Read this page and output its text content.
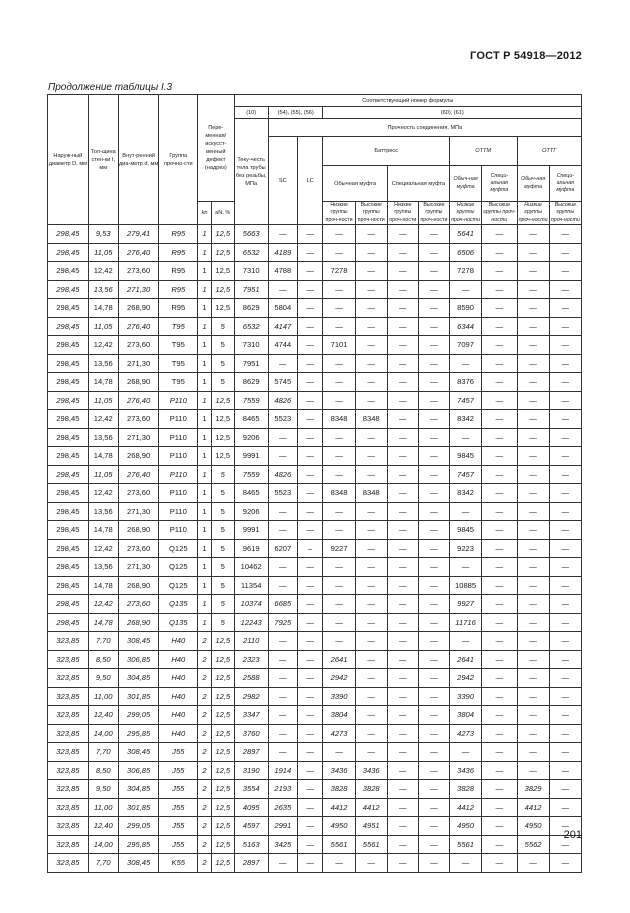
ГОСТ Р 54918—2012
Продолжение таблицы I.3
Наруж-ный диаметр D, мм	Тол-щина стен-ки t, мм	Внут-ренний диа-метр d, мм	Группа прочно-сти	Пере-менная/ искусст-венный дефект (надрез)		Соответствующий номер формулы										
						(10)	(54), (55), (56)		(60), (61)							
						Теку-честь тела трубы без резьбы, МПа	Прочность соединения, МПа									
							SC	LC	Баттресс				ОТТМ		ОТТГ	
									Обычная муфта		Специальная муфта		Обыч-ная муфта	Специ-альная муфта	Обыч-ная муфта	Специ-альная муфта
				kn	aN, %				Низкие группы проч-ности	Высокие группы проч-ности	Низкие группы проч-ности	Высокие группы проч-ности	Низкие группы проч-ности	Высокие группы проч-ности	Низкие группы проч-ности	Высокие группы проч-ности
298,45	9,53	279,41	R95	1	12,5	5663	—	—	—	—	—	—	5641	—	—	—
298,45	11,05	276,40	R95	1	12,5	6532	4189	—	—	—	—	—	6506	—	—	—
298,45	12,42	273,60	R95	1	12,5	7310	4788	—	7278	—	—	—	7278	—	—	—
298,45	13,56	271,30	R95	1	12,5	7951	—	—	—	—	—	—	—	—	—	—
298,45	14,78	268,90	R95	1	12,5	8629	5804	—	—	—	—	—	8590	—	—	—
298,45	11,05	276,40	T95	1	5	6532	4147	—	—	—	—	—	6344	—	—	—
298,45	12,42	273,60	T95	1	5	7310	4744	—	7101	—	—	—	7097	—	—	—
298,45	13,56	271,30	T95	1	5	7951	—	—	—	—	—	—	—	—	—	—
298,45	14,78	268,90	T95	1	5	8629	5745	—	—	—	—	—	8376	—	—	—
298,45	11,05	276,40	P110	1	12,5	7559	4826	—	—	—	—	—	7457	—	—	—
298,45	12,42	273,60	P110	1	12,5	8465	5523	—	8348	8348	—	—	8342	—	—	—
298,45	13,56	271,30	P110	1	12,5	9206	—	—	—	—	—	—	—	—	—	—
298,45	14,78	268,90	P110	1	12,5	9991	—	—	—	—	—	—	9845	—	—	—
298,45	11,05	276,40	P110	1	5	7559	4826	—	—	—	—	—	7457	—	—	—
298,45	12,42	273,60	P110	1	5	8465	5523	—	8348	8348	—	—	8342	—	—	—
298,45	13,56	271,30	P110	1	5	9206	—	—	—	—	—	—	—	—	—	—
298,45	14,78	268,90	P110	1	5	9991	—	—	—	—	—	—	9845	—	—	—
298,45	12,42	273,60	Q125	1	5	9619	6207	–	9227	—	—	—	9223	—	—	—
298,45	13,56	271,30	Q125	1	5	10462	—	—	—	—	—	—	—	—	—	—
298,45	14,78	268,90	Q125	1	5	11354	—	—	—	—	—	—	10885	—	—	—
298,45	12,42	273,60	Q135	1	5	10374	6685	—	—	—	—	—	9927	—	—	—
298,45	14,78	268,90	Q135	1	5	12243	7925	—	—	—	—	—	11716	—	—	—
323,85	7,70	308,45	H40	2	12,5	2110	—	—	—	—	—	—	—	—	—	—
323,85	8,50	306,85	H40	2	12,5	2323	—	—	2641	—	—	—	2641	—	—	—
323,85	9,50	304,85	H40	2	12,5	2588	—	—	2942	—	—	—	2942	—	—	—
323,85	11,00	301,85	H40	2	12,5	2982	—	—	3390	—	—	—	3390	—	—	—
323,85	12,40	299,05	H40	2	12,5	3347	—	—	3804	—	—	—	3804	—	—	—
323,85	14,00	295,85	H40	2	12,5	3760	—	—	4273	—	—	—	4273	—	—	—
323,85	7,70	308,45	J55	2	12,5	2897	—	—	—	—	—	—	—	—	—	—
323,85	8,50	306,85	J55	2	12,5	3190	1914	—	3436	3436	—	—	3436	—	—	—
323,85	9,50	304,85	J55	2	12,5	3554	2193	—	3828	3828	—	—	3828	—	3829	—
323,85	11,00	301,85	J55	2	12,5	4095	2635	—	4412	4412	—	—	4412	—	4412	—
323,85	12,40	299,05	J55	2	12,5	4597	2991	—	4950	4951	—	—	4950	—	4950	—
323,85	14,00	295,85	J55	2	12,5	5163	3425	—	5561	5561	—	—	5561	—	5562	—
323,85	7,70	308,45	K55	2	12,5	2897	—	—	—	—	—	—	—	—	—	—
201
